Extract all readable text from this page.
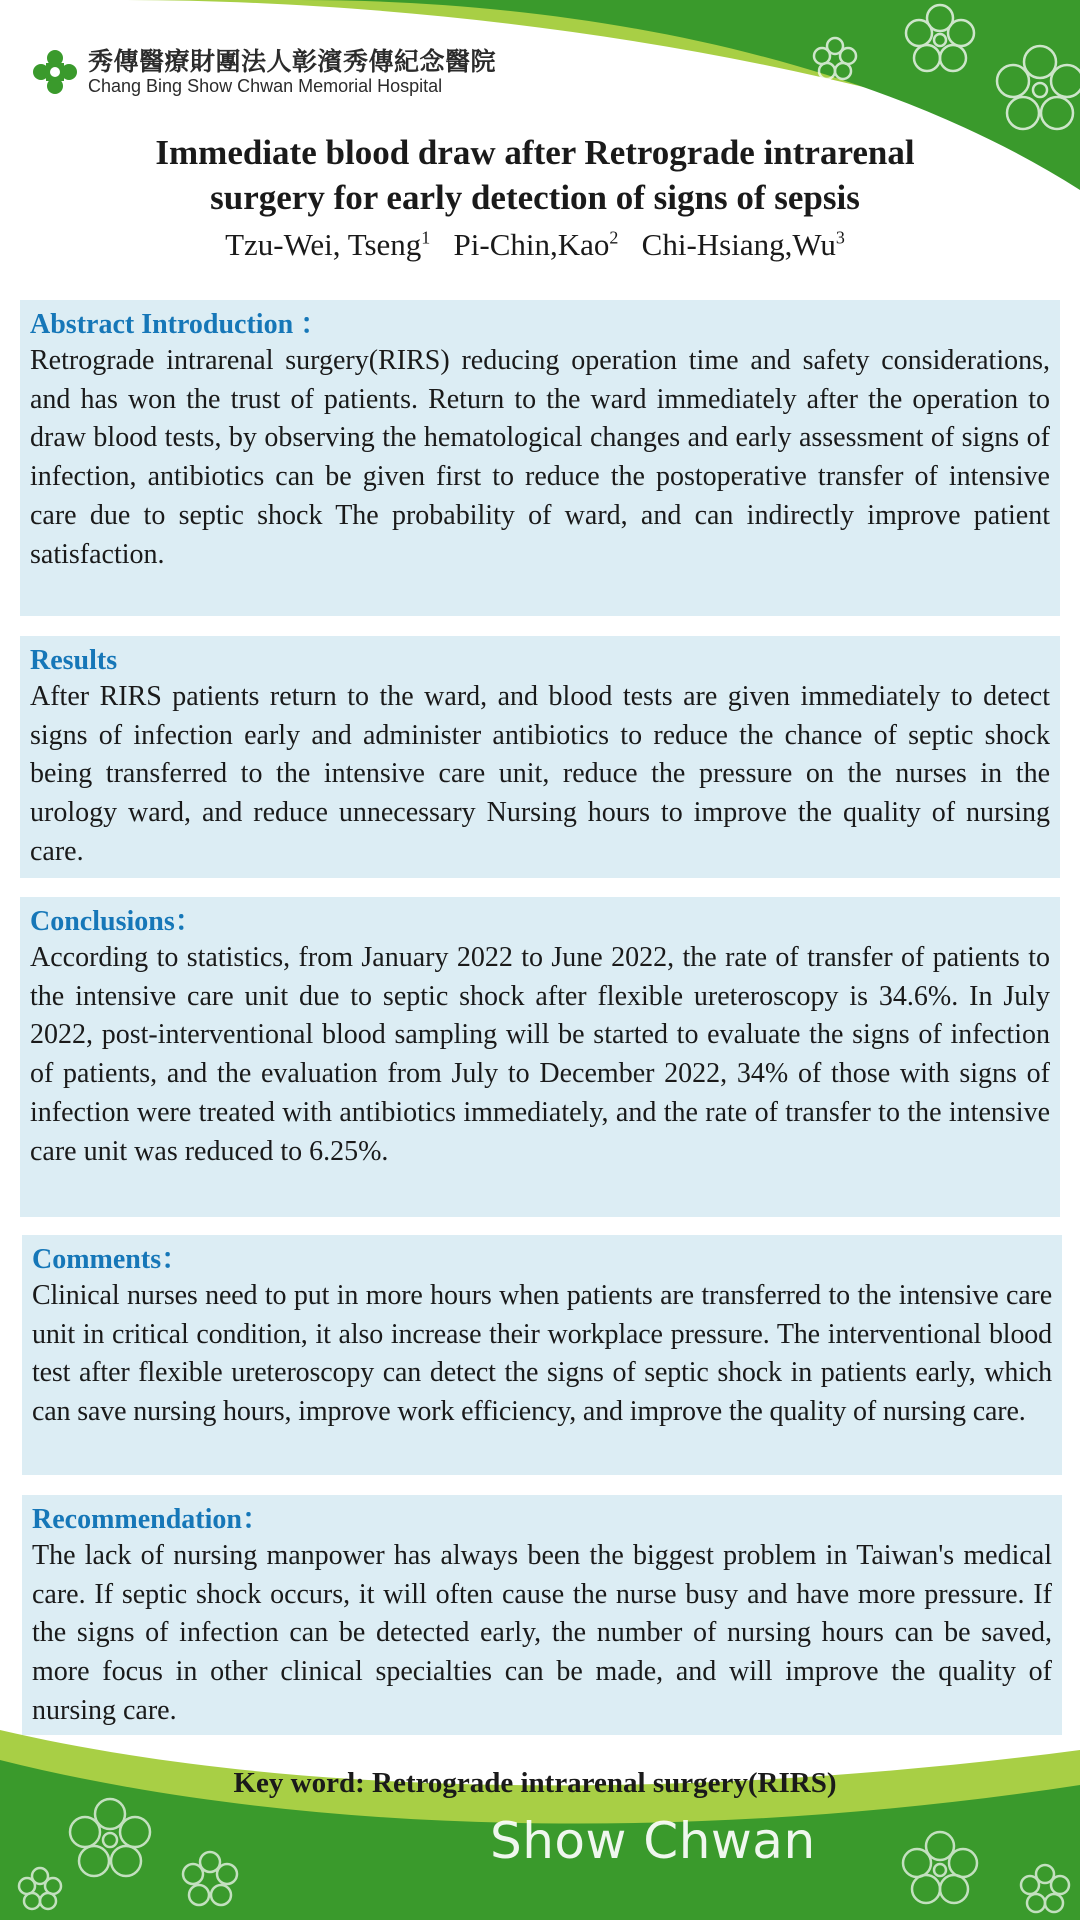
秀傳醫療財團法人彰濱秀傳紀念醫院
Chang Bing Show Chwan Memorial Hospital
Immediate blood draw after Retrograde intrarenal
surgery for early detection of signs of sepsis
Tzu-Wei, Tseng$^1$ Pi-Chin,Kao$^2$ Chi-Hsiang,Wu$^3$
Abstract Introduction ：

Retrograde intrarenal surgery(RIRS) reducing operation time and safety considerations, and has won the trust of patients. Return to the ward immediately after the operation to draw blood tests, by observing the hematological changes and early assessment of signs of infection, antibiotics can be given first to reduce the postoperative transfer of intensive care due to septic shock The probability of ward, and can indirectly improve patient satisfaction.

Results

After RIRS patients return to the ward, and blood tests are given immediately to detect signs of infection early and administer antibiotics to reduce the chance of septic shock being transferred to the intensive care unit, reduce the pressure on the nurses in the urology ward, and reduce unnecessary Nursing hours to improve the quality of nursing care.

Conclusions：

According to statistics, from January 2022 to June 2022, the rate of transfer of patients to the intensive care unit due to septic shock after flexible ureteroscopy is 34.6%. In July 2022, post-interventional blood sampling will be started to evaluate the signs of infection of patients, and the evaluation from July to December 2022, 34% of those with signs of infection were treated with antibiotics immediately, and the rate of transfer to the intensive care unit was reduced to 6.25%.

Comments：

Clinical nurses need to put in more hours when patients are transferred to the intensive care unit in critical condition, it also increase their workplace pressure. The interventional blood test after flexible ureteroscopy can detect the signs of septic shock in patients early, which can save nursing hours, improve work efficiency, and improve the quality of nursing care.

Recommendation：

The lack of nursing manpower has always been the biggest problem in Taiwan's medical care. If septic shock occurs, it will often cause the nurse busy and have more pressure. If the signs of infection can be detected early, the number of nursing hours can be saved, more focus in other clinical specialties can be made, and will improve the quality of nursing care.

Key word: Retrograde intrarenal surgery(RIRS)
Show Chwan
